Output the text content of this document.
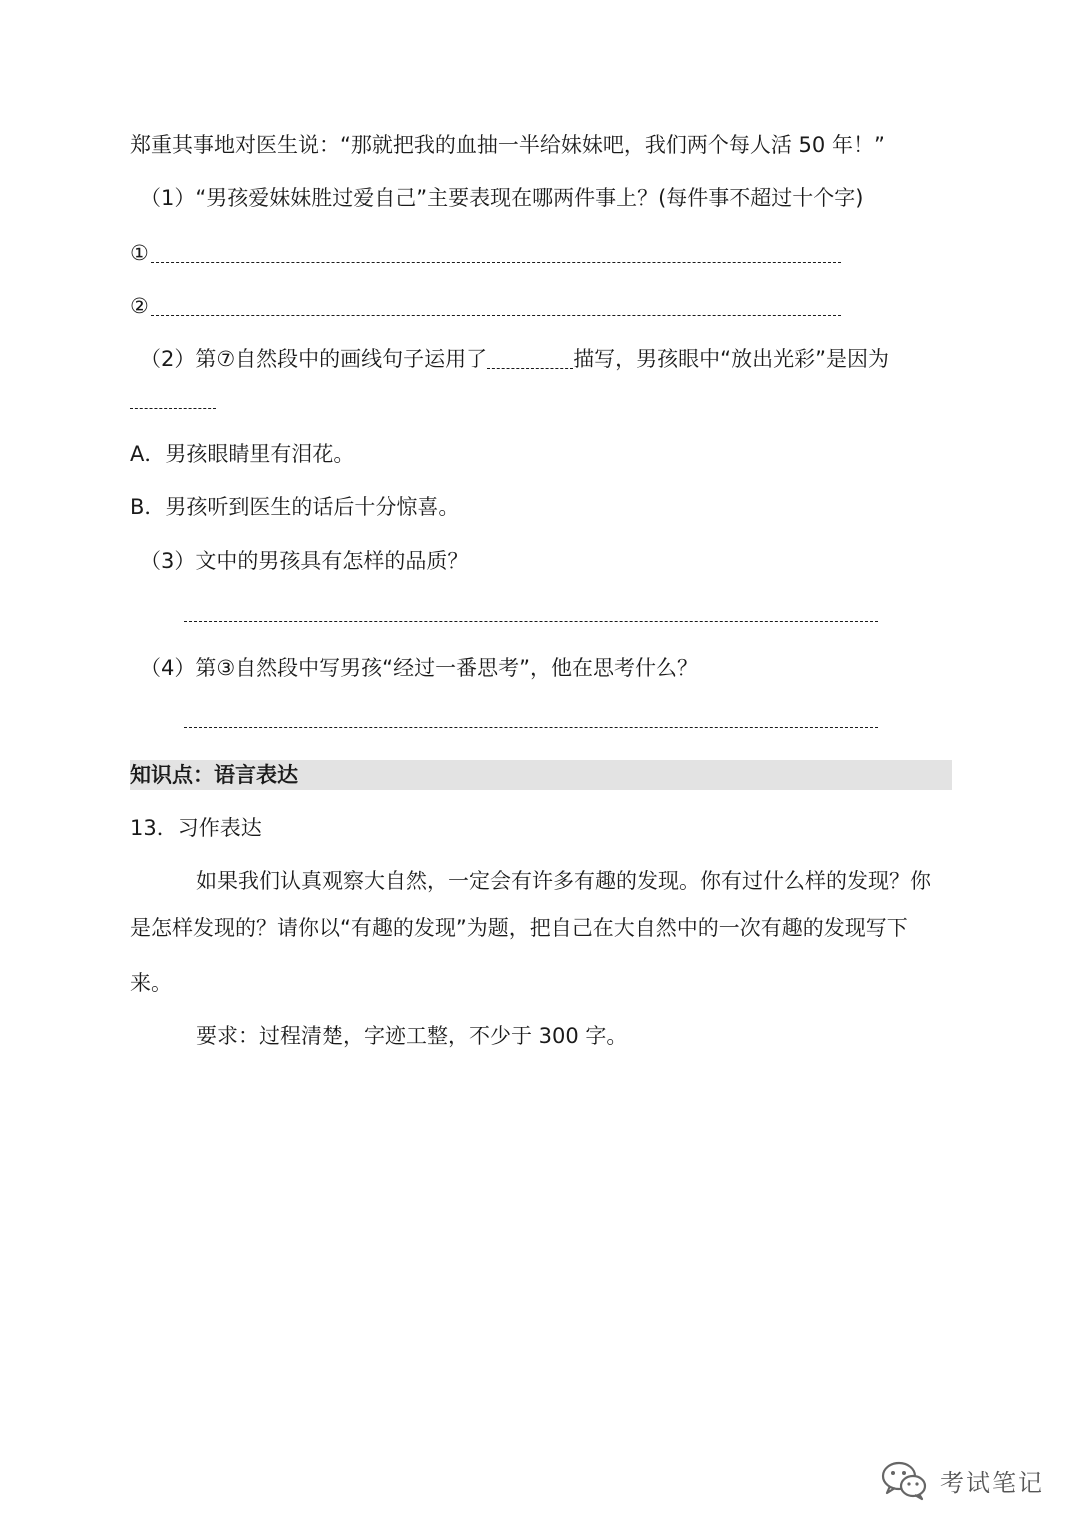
郑重其事地对医生说：“那就把我的血抽一半给妹妹吧，我们两个每人活 50 年！”
（1）“男孩爱妹妹胜过爱自己”主要表现在哪两件事上？(每件事不超过十个字)
①
②
（2）第⑦自然段中的画线句子运用了	描写，男孩眼中“放出光彩”是因为
A．男孩眼睛里有泪花。
B．男孩听到医生的话后十分惊喜。
（3）文中的男孩具有怎样的品质？
（4）第③自然段中写男孩“经过一番思考”，他在思考什么？
知识点：语言表达
13．习作表达
如果我们认真观察大自然，一定会有许多有趣的发现。你有过什么样的发现？你
是怎样发现的？请你以“有趣的发现”为题，把自己在大自然中的一次有趣的发现写下
来。
要求：过程清楚，字迹工整，不少于 300 字。
考试笔记
